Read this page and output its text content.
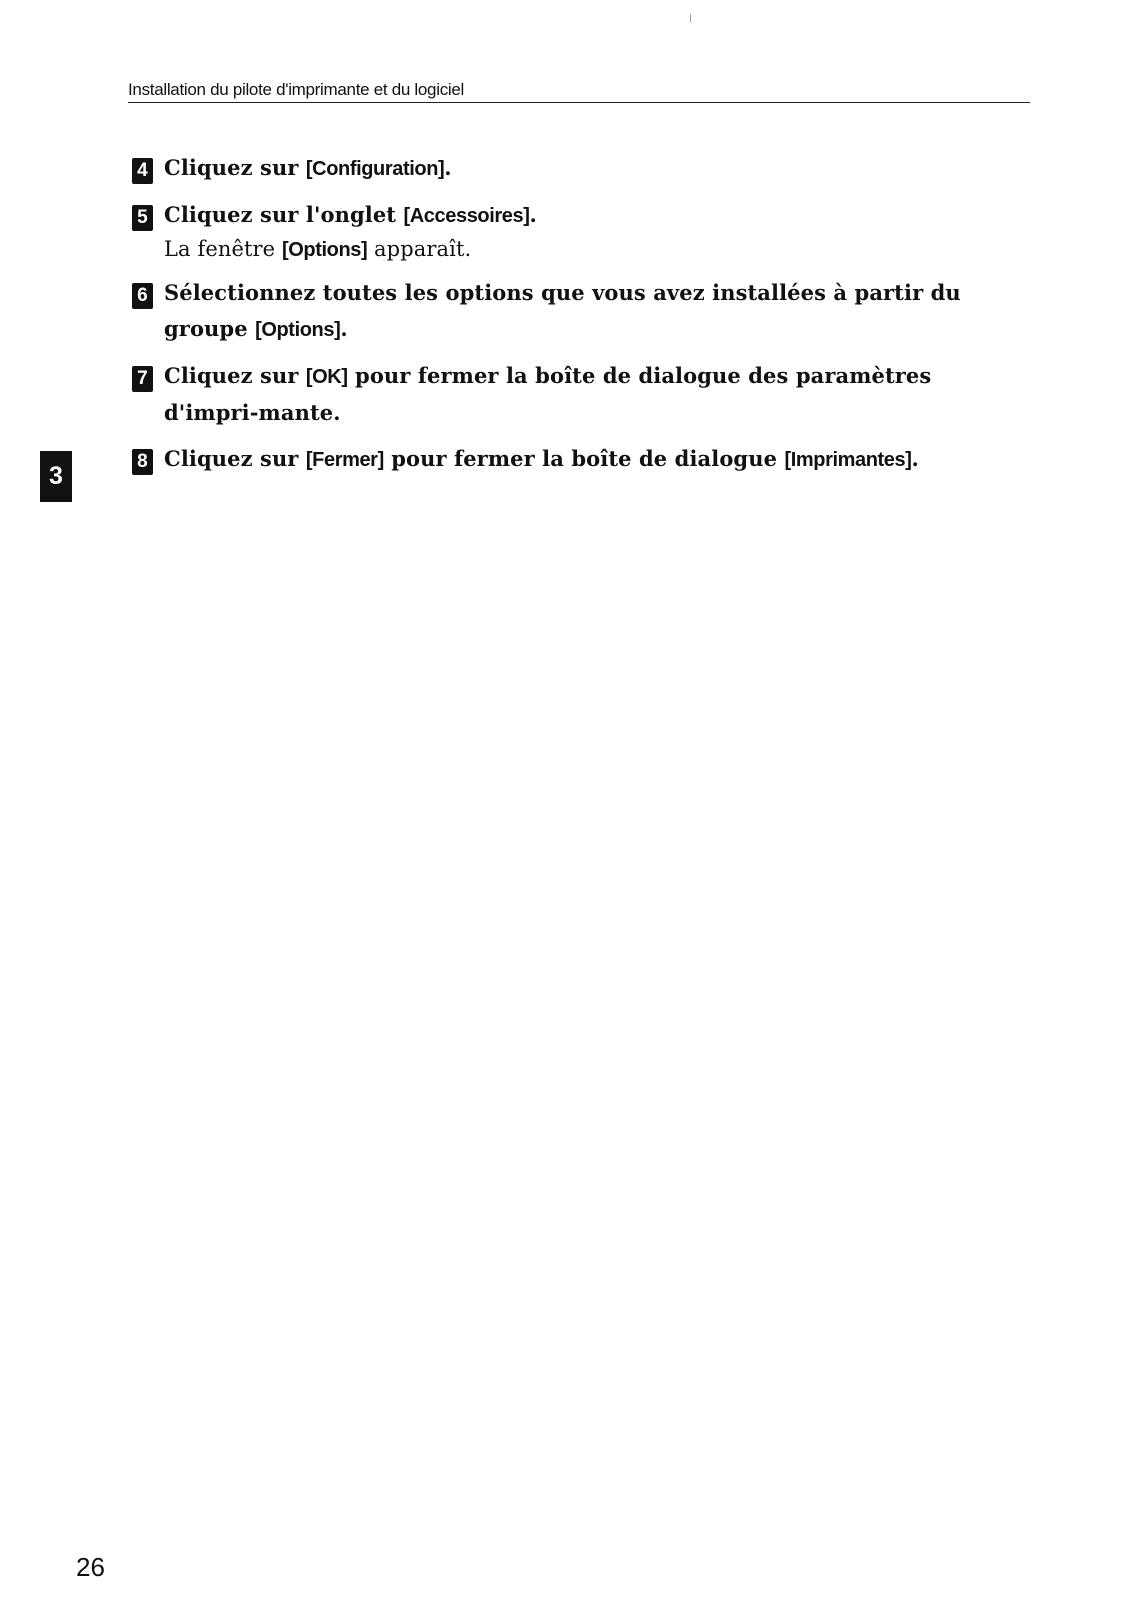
Installation du pilote d'imprimante et du logiciel
3
4 Cliquez sur [Configuration].
5 Cliquez sur l'onglet [Accessoires].
La fenêtre [Options] apparaît.
6 Sélectionnez toutes les options que vous avez installées à partir du groupe [Options].
7 Cliquez sur [OK] pour fermer la boîte de dialogue des paramètres d'impri-mante.
8 Cliquez sur [Fermer] pour fermer la boîte de dialogue [Imprimantes].
26
